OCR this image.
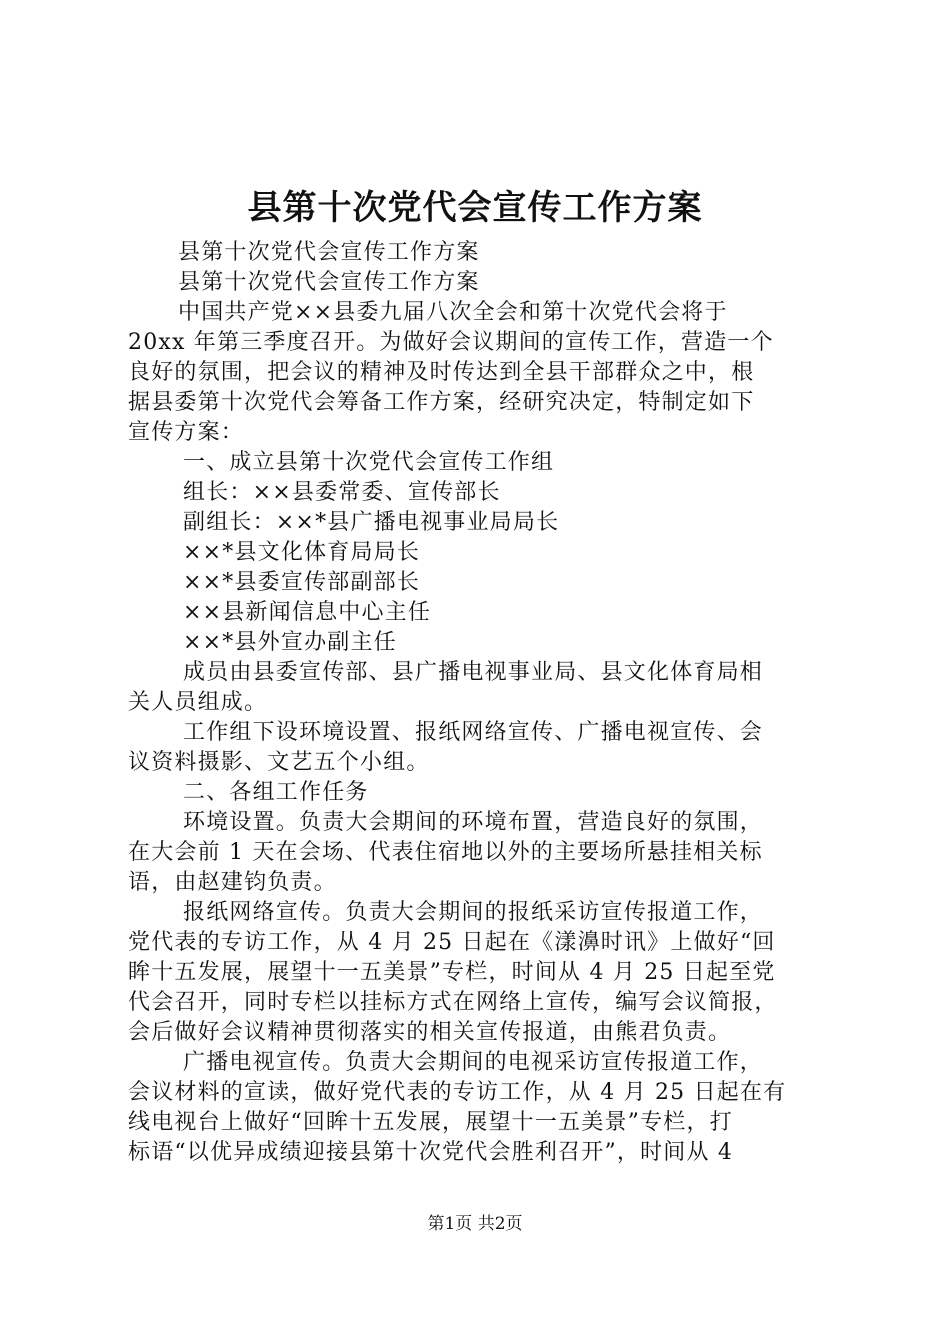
县第十次党代会宣传工作方案
县第十次党代会宣传工作方案
县第十次党代会宣传工作方案
中国共产党××县委九届八次全会和第十次党代会将于
20xx 年第三季度召开。为做好会议期间的宣传工作，营造一个
良好的氛围，把会议的精神及时传达到全县干部群众之中，根
据县委第十次党代会筹备工作方案，经研究决定，特制定如下
宣传方案：
一、成立县第十次党代会宣传工作组
组长：××县委常委、宣传部长
副组长：××*县广播电视事业局局长
××*县文化体育局局长
××*县委宣传部副部长
××县新闻信息中心主任
××*县外宣办副主任
成员由县委宣传部、县广播电视事业局、县文化体育局相
关人员组成。
工作组下设环境设置、报纸网络宣传、广播电视宣传、会
议资料摄影、文艺五个小组。
二、各组工作任务
环境设置。负责大会期间的环境布置，营造良好的氛围，
在大会前 1 天在会场、代表住宿地以外的主要场所悬挂相关标
语，由赵建钧负责。
报纸网络宣传。负责大会期间的报纸采访宣传报道工作，
党代表的专访工作，从 4 月 25 日起在《漾濞时讯》上做好“回
眸十五发展，展望十一五美景”专栏，时间从 4 月 25 日起至党
代会召开，同时专栏以挂标方式在网络上宣传，编写会议简报，
会后做好会议精神贯彻落实的相关宣传报道，由熊君负责。
广播电视宣传。负责大会期间的电视采访宣传报道工作，
会议材料的宣读，做好党代表的专访工作，从 4 月 25 日起在有
线电视台上做好“回眸十五发展，展望十一五美景”专栏，打
标语“以优异成绩迎接县第十次党代会胜利召开”，时间从 4
第1页 共2页
